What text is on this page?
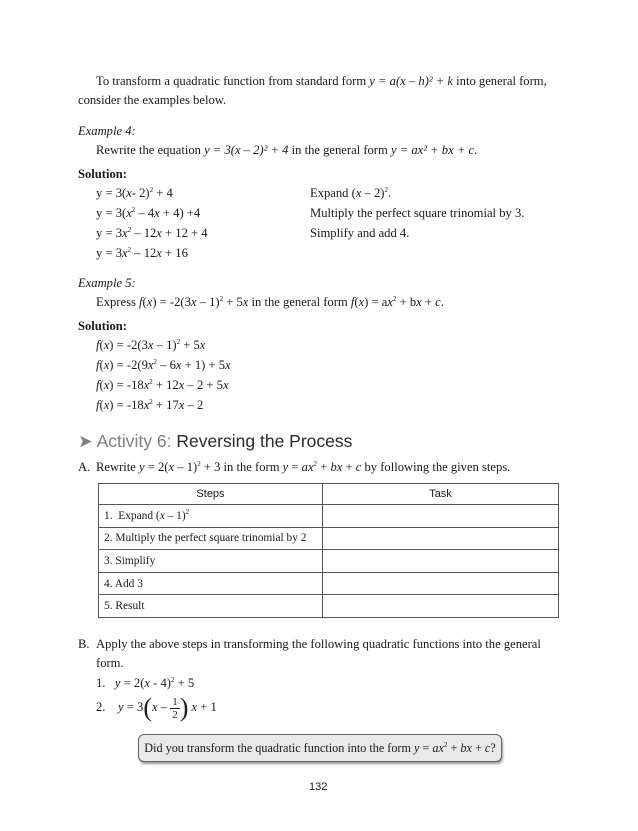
To transform a quadratic function from standard form y = a(x – h)² + k into general form,
consider the examples below.
Example 4:
Rewrite the equation y = 3(x – 2)² + 4 in the general form y = ax² + bx + c.
Solution:
y = 3(x- 2)$^2$ + 4	Expand (x – 2)$^2$.
$y = 3(x^2 - 4x + 4) +4$	Multiply the perfect square trinomial by 3.
$y = 3x^2 - 12x + 12 + 4$	Simplify and add 4.
$y = 3x^2 - 12x + 16$
Example 5:
Express f(x) = -2(3x – 1)$^2$ + 5x in the general form $f(x) = ax^2$ + bx + c.
Solution:
f(x) = -2(3x – 1)$^2$ + 5x
$f(x) = -2(9x^2 - 6x + 1) + 5x$
$f(x) = -18x^2 + 12x - 2 + 5x$
$f(x) = -18x^2 + 17x - 2$
➤ Activity 6: Reversing the Process
A. Rewrite y = 2(x – 1)$^2$ + 3 in the form $y = ax^2$ + bx + c by following the given steps.
Steps	Task
1.  Expand (x – 1)$^2$	
2. Multiply the perfect square trinomial by 2	
3. Simplify	
4. Add 3	
5. Result	
B. Apply the above steps in transforming the following quadratic functions into the general
form.
1. y = 2(x - 4)$^2$ + 5
2. $y = 3(x - \frac{1}{2}$ ) x + 1
Did you transform the quadratic function into the form $y = ax^2$ + bx + c?
132
